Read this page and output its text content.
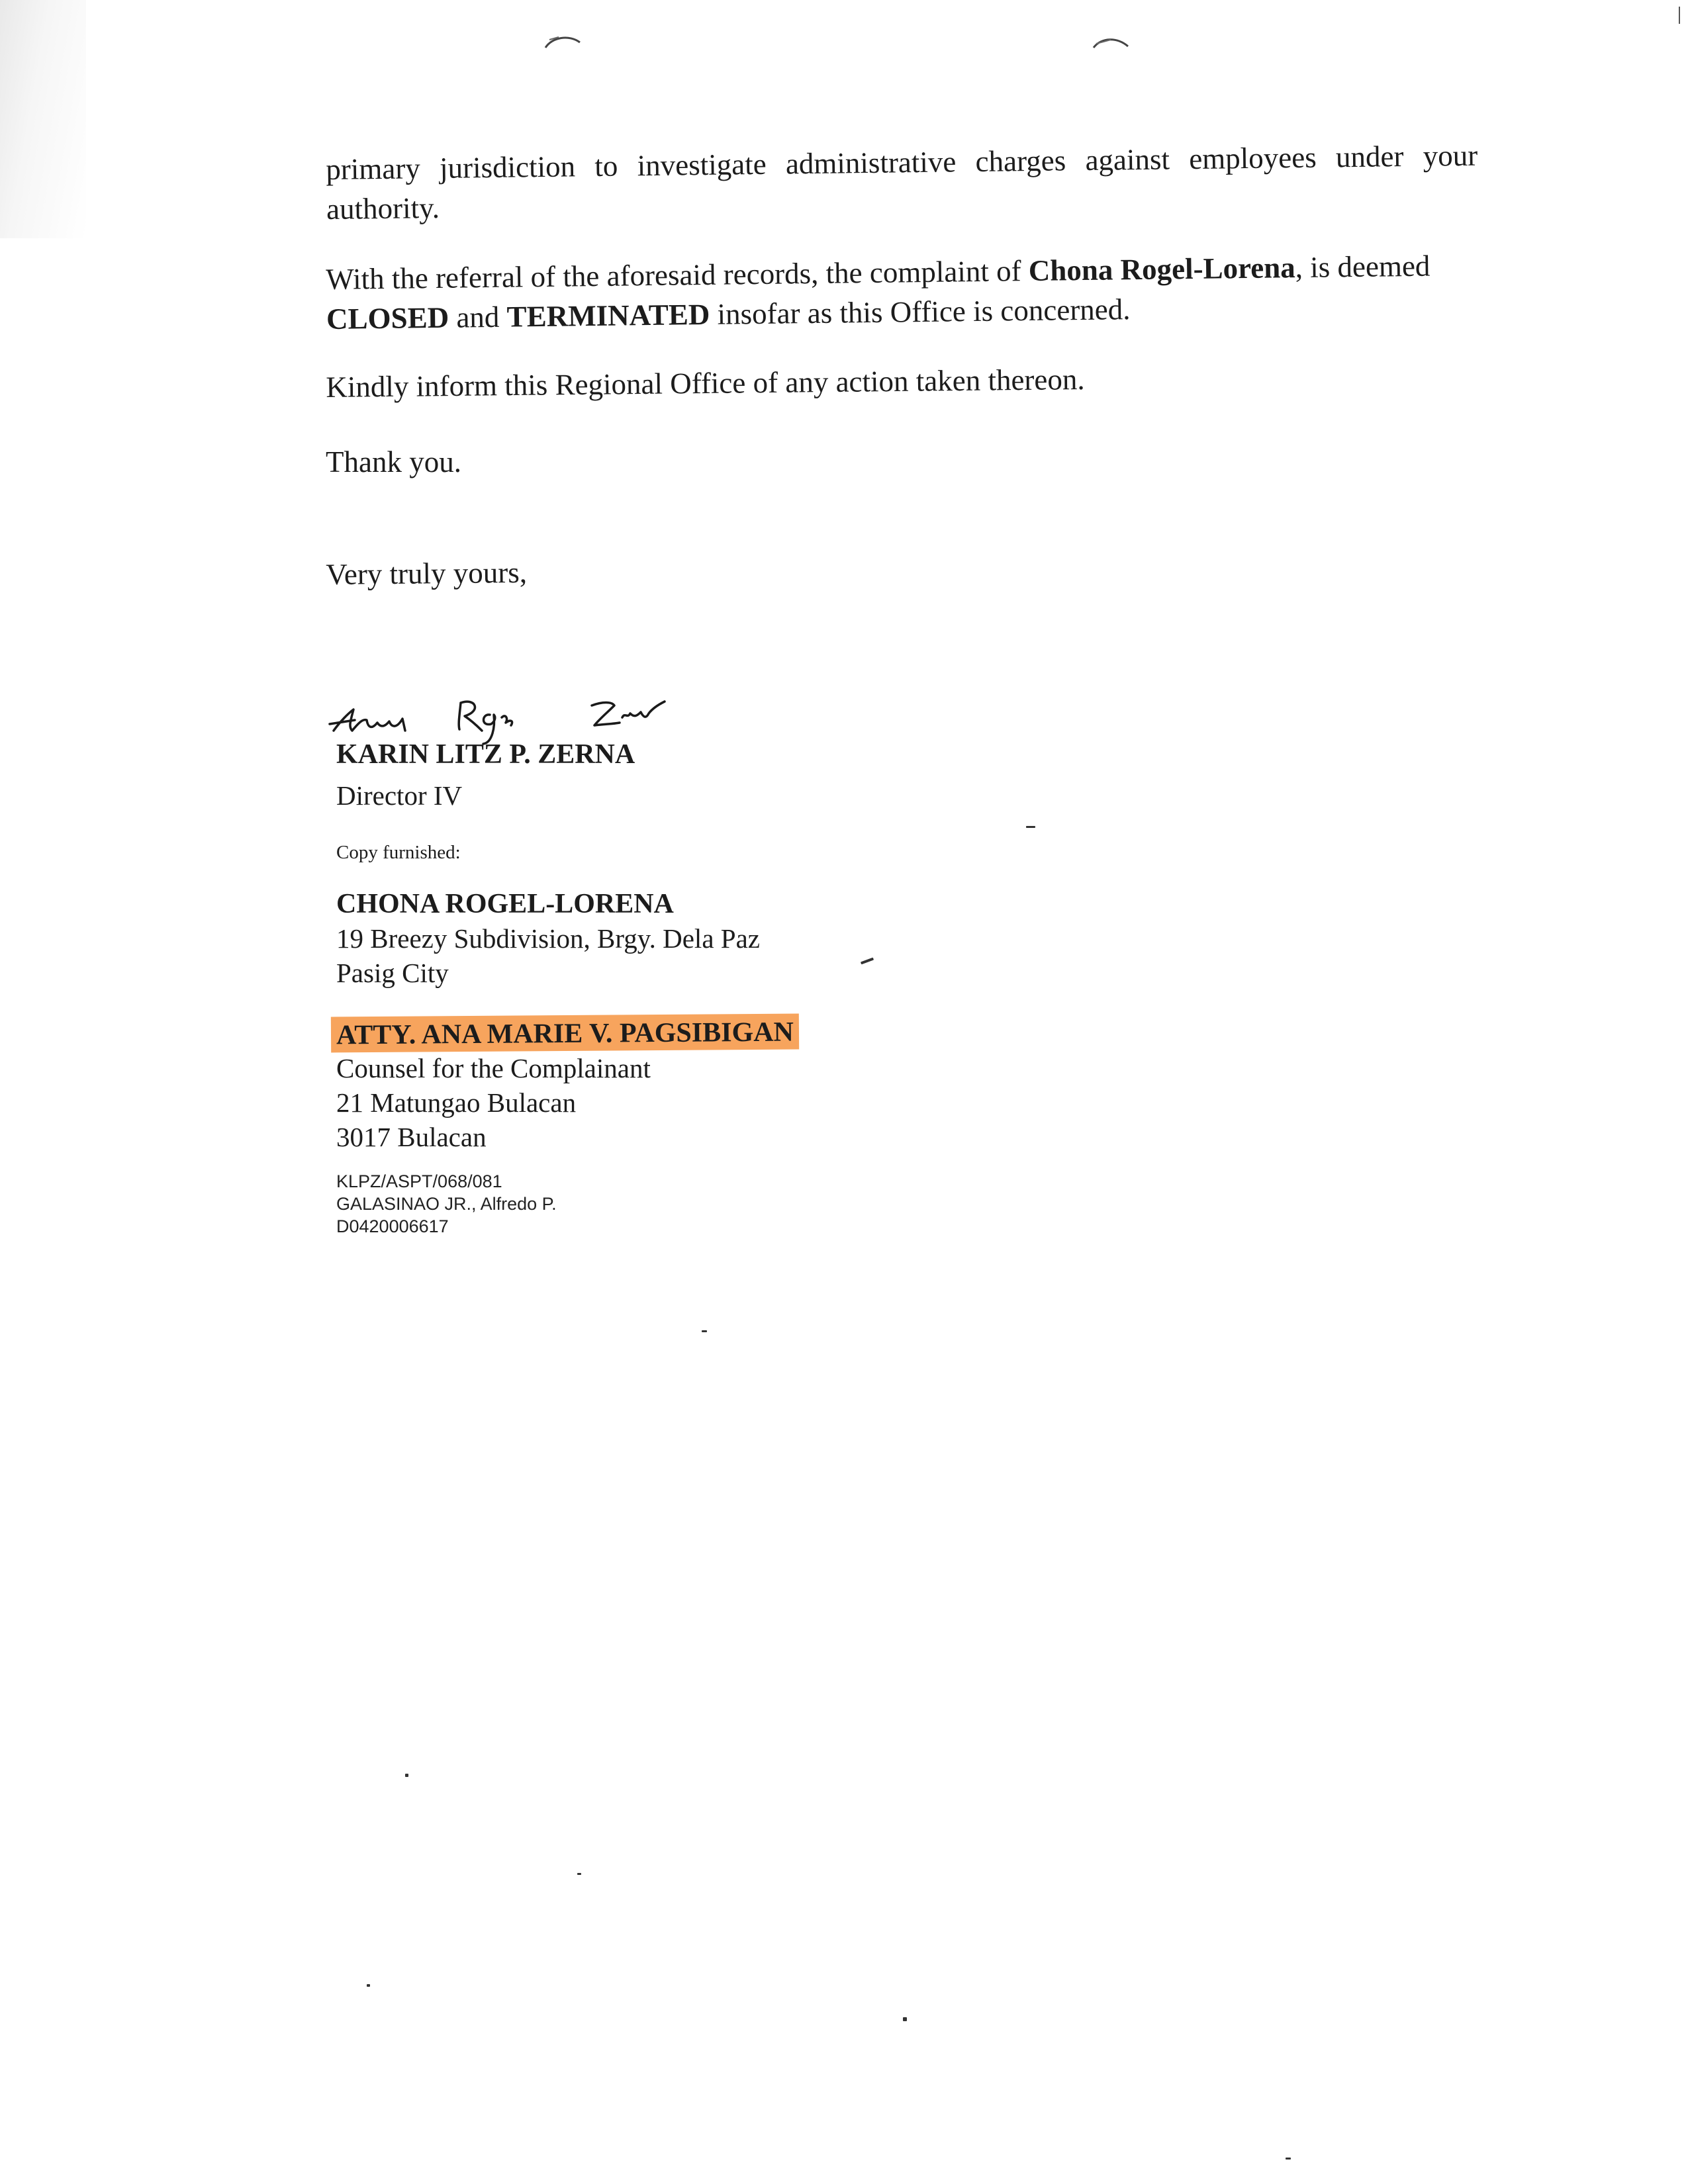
primary jurisdiction to investigate administrative charges against employees under your authority.

With the referral of the aforesaid records, the complaint of Chona Rogel-Lorena, is deemed CLOSED and TERMINATED insofar as this Office is concerned.

Kindly inform this Regional Office of any action taken thereon.

Thank you.

Very truly yours,

KARIN LITZ P. ZERNA
Director IV
Copy furnished:
CHONA ROGEL-LORENA
19 Breezy Subdivision, Brgy. Dela Paz
Pasig City
ATTY. ANA MARIE V. PAGSIBIGAN
Counsel for the Complainant
21 Matungao Bulacan
3017 Bulacan
KLPZ/ASPT/068/081
GALASINAO JR., Alfredo P.
D0420006617
